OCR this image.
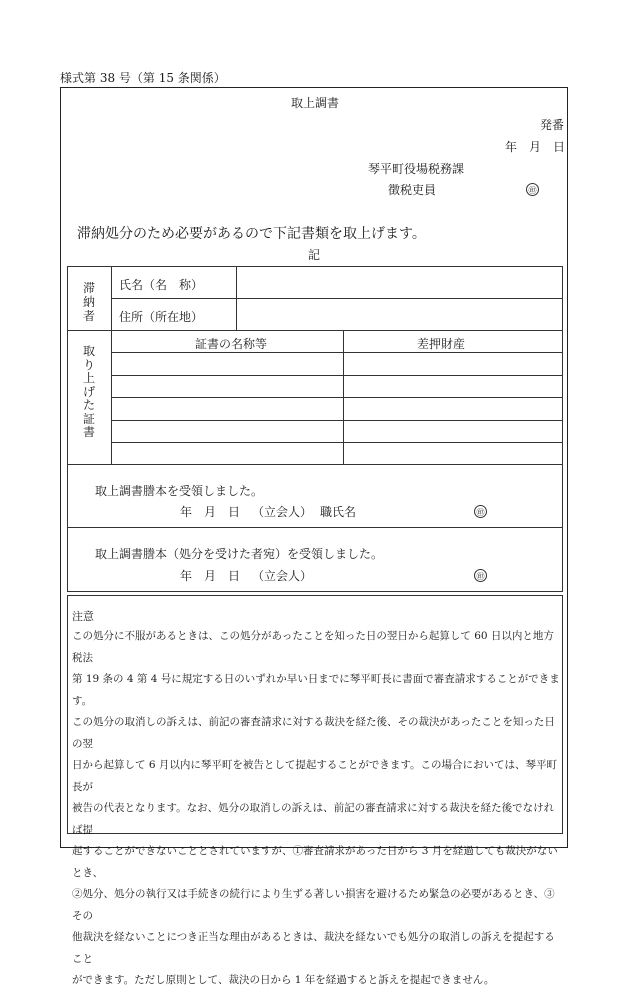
様式第 38 号（第 15 条関係）
取上調書
発番
年　月　日
琴平町役場税務課
徴税吏員	㊞
滞納処分のため必要があるので下記書類を取上げます。
記
滞納者
氏名（名　称）
住所（所在地）
取り上げた証書
証書の名称等	差押財産
取上調書謄本を受領しました。
年　月　日 （立会人） 職氏名	㊞
取上調書謄本（処分を受けた者宛）を受領しました。
年　月　日 （立会人）	㊞
注意
この処分に不服があるときは、この処分があったことを知った日の翌日から起算して 60 日以内と地方税法
第 19 条の 4 第 4 号に規定する日のいずれか早い日までに琴平町長に書面で審査請求することができます。
この処分の取消しの訴えは、前記の審査請求に対する裁決を経た後、その裁決があったことを知った日の翌
日から起算して 6 月以内に琴平町を被告として提起することができます。この場合においては、琴平町長が
被告の代表となります。なお、処分の取消しの訴えは、前記の審査請求に対する裁決を経た後でなければ提
起することができないこととされていますが、①審査請求があった日から 3 月を経過しても裁決がないとき、
②処分、処分の執行又は手続きの続行により生ずる著しい損害を避けるため緊急の必要があるとき、③その
他裁決を経ないことにつき正当な理由があるときは、裁決を経ないでも処分の取消しの訴えを提起すること
ができます。ただし原則として、裁決の日から 1 年を経過すると訴えを提起できません。
